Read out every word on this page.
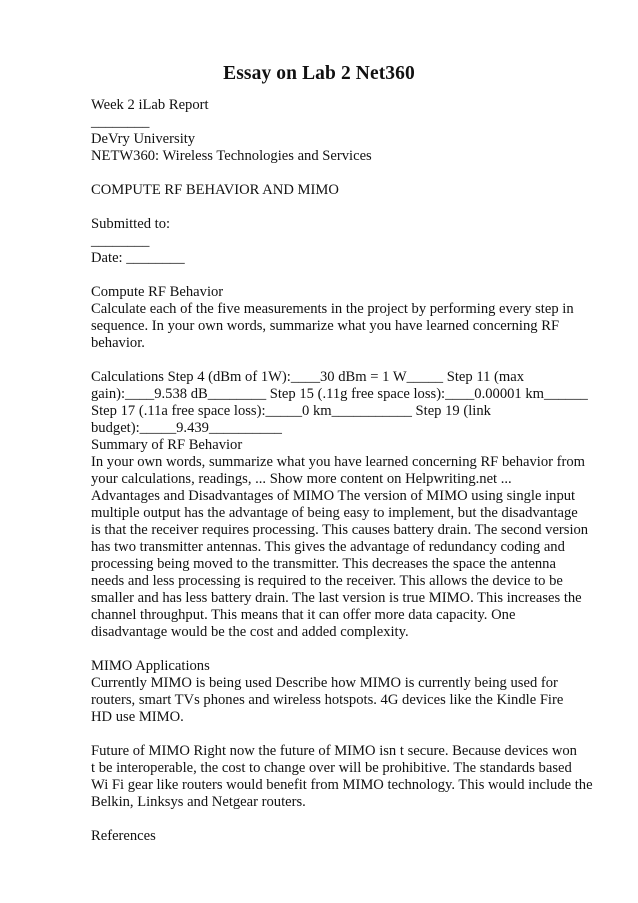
Essay on Lab 2 Net360
Week 2 iLab Report
________
DeVry University
NETW360: Wireless Technologies and Services
COMPUTE RF BEHAVIOR AND MIMO
Submitted to:
________
Date: ________
Compute RF Behavior
Calculate each of the five measurements in the project by performing every step in
sequence. In your own words, summarize what you have learned concerning RF
behavior.
Calculations Step 4 (dBm of 1W):____30 dBm = 1 W_____ Step 11 (max
gain):____9.538 dB________ Step 15 (.11g free space loss):____0.00001 km______
Step 17 (.11a free space loss):_____0 km___________ Step 19 (link
budget):_____9.439__________
Summary of RF Behavior
In your own words, summarize what you have learned concerning RF behavior from
your calculations, readings, ... Show more content on Helpwriting.net ...
Advantages and Disadvantages of MIMO The version of MIMO using single input
multiple output has the advantage of being easy to implement, but the disadvantage
is that the receiver requires processing. This causes battery drain. The second version
has two transmitter antennas. This gives the advantage of redundancy coding and
processing being moved to the transmitter. This decreases the space the antenna
needs and less processing is required to the receiver. This allows the device to be
smaller and has less battery drain. The last version is true MIMO. This increases the
channel throughput. This means that it can offer more data capacity. One
disadvantage would be the cost and added complexity.
MIMO Applications
Currently MIMO is being used Describe how MIMO is currently being used for
routers, smart TVs phones and wireless hotspots. 4G devices like the Kindle Fire
HD use MIMO.
Future of MIMO Right now the future of MIMO isn t secure. Because devices won
t be interoperable, the cost to change over will be prohibitive. The standards based
Wi Fi gear like routers would benefit from MIMO technology. This would include the
Belkin, Linksys and Netgear routers.
References
